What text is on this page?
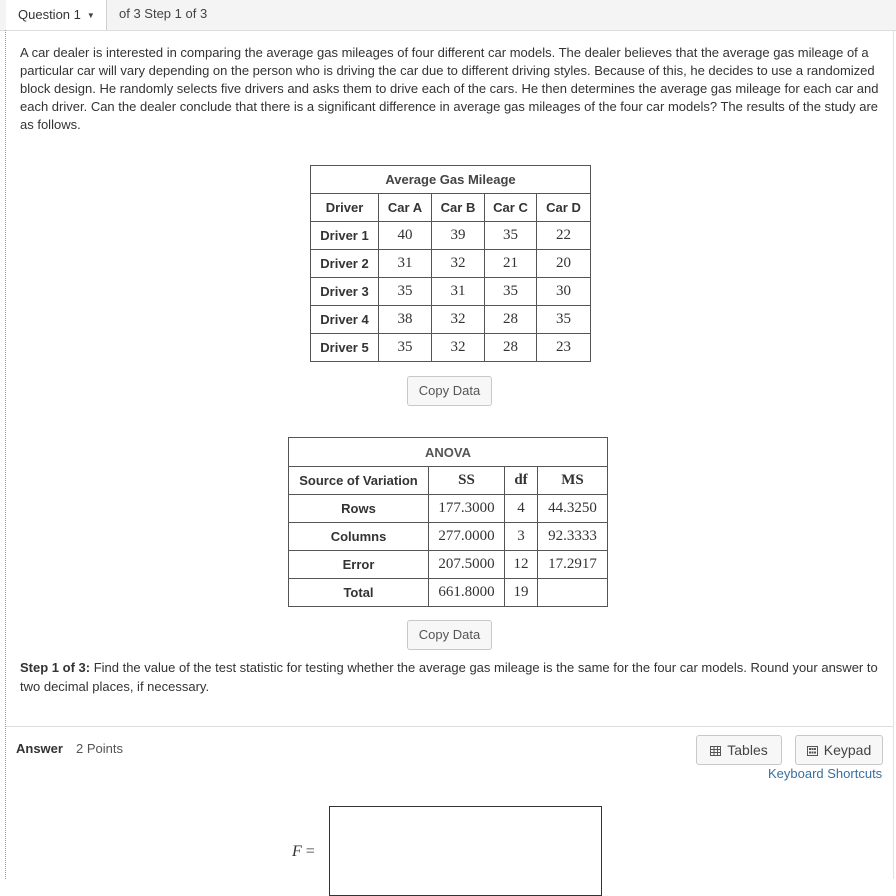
Question 1 ▼	of 3 Step 1 of 3
A car dealer is interested in comparing the average gas mileages of four different car models. The dealer believes that the average gas mileage of a particular car will vary depending on the person who is driving the car due to different driving styles. Because of this, he decides to use a randomized block design. He randomly selects five drivers and asks them to drive each of the cars. He then determines the average gas mileage for each car and each driver. Can the dealer conclude that there is a significant difference in average gas mileages of the four car models? The results of the study are as follows.
Average Gas Mileage				
Driver	Car A	Car B	Car C	Car D
Driver 1	40	39	35	22
Driver 2	31	32	21	20
Driver 3	35	31	35	30
Driver 4	38	32	28	35
Driver 5	35	32	28	23
Copy Data
ANOVA			
Source of Variation	SS	df	MS
Rows	177.3000	4	44.3250
Columns	277.0000	3	92.3333
Error	207.5000	12	17.2917
Total	661.8000	19	
Copy Data
Step 1 of 3: Find the value of the test statistic for testing whether the average gas mileage is the same for the four car models. Round your answer to two decimal places, if necessary.
Answer 2 Points	Tables	Keypad
Keyboard Shortcuts
F =
